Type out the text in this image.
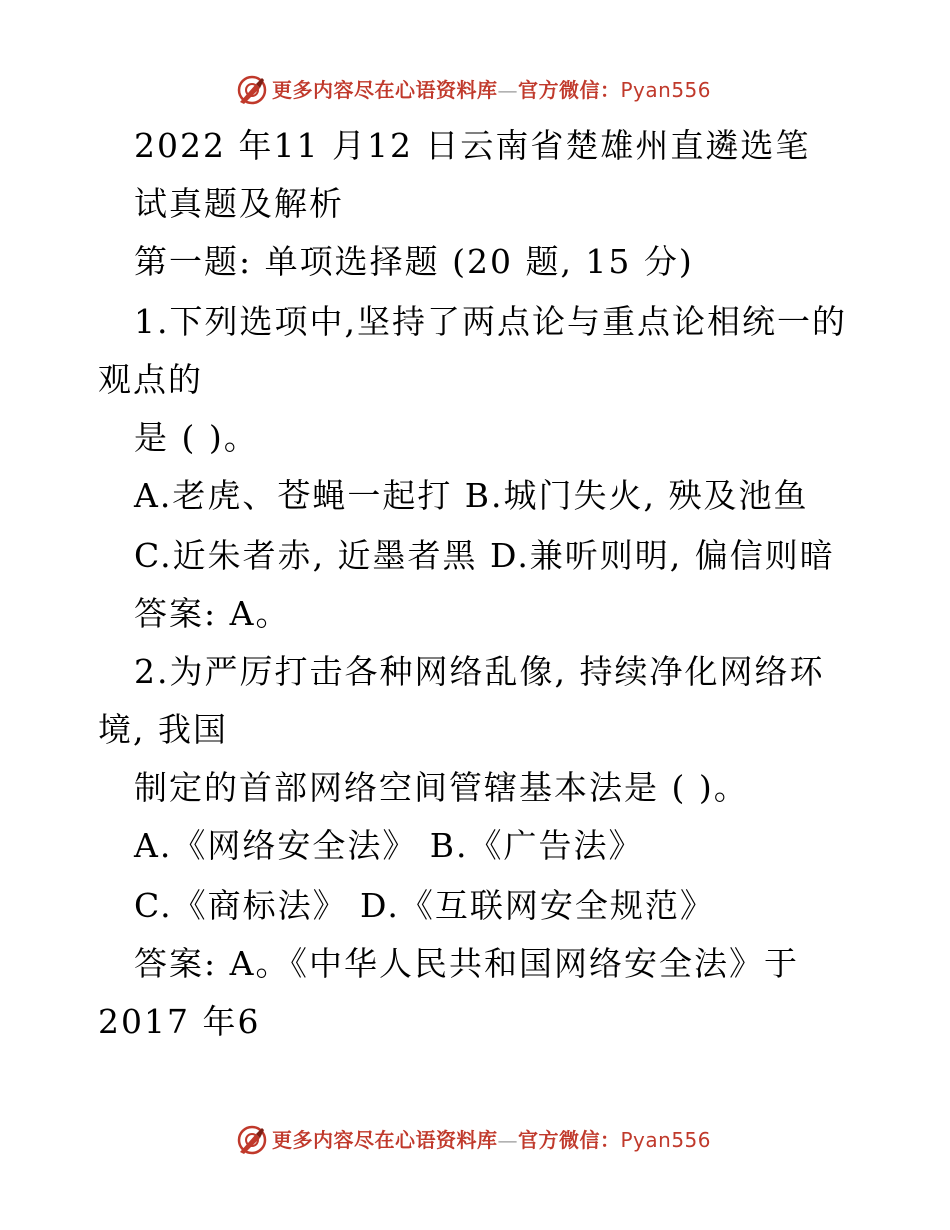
更多内容尽在心语资料库—官方微信：Pyan556
2022 年11 月12 日云南省楚雄州直遴选笔
试真题及解析
第一题: 单项选择题 (20 题, 15 分)
1.下列选项中,坚持了两点论与重点论相统一的
观点的
是 ( )。
A.老虎、苍蝇一起打 B.城门失火, 殃及池鱼
C.近朱者赤, 近墨者黑 D.兼听则明, 偏信则暗
答案: A。
2.为严厉打击各种网络乱像, 持续净化网络环
境, 我国
制定的首部网络空间管辖基本法是 ( )。
A.《网络安全法》 B.《广告法》
C.《商标法》 D.《互联网安全规范》
答案: A。《中华人民共和国网络安全法》于
2017 年6
更多内容尽在心语资料库—官方微信：Pyan556
